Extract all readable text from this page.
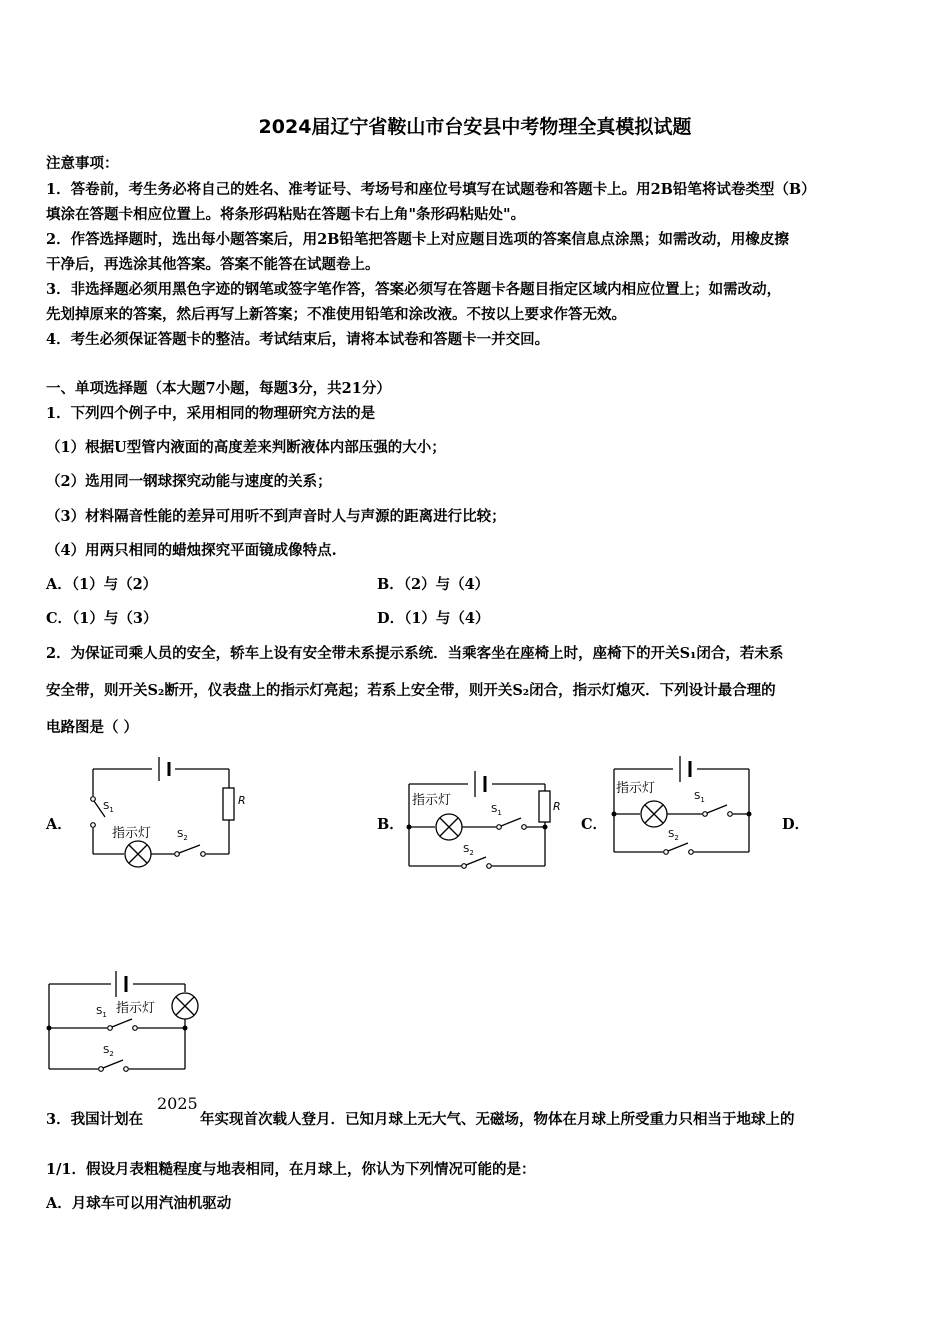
2024届辽宁省鞍山市台安县中考物理全真模拟试题
注意事项：
1．答卷前，考生务必将自己的姓名、准考证号、考场号和座位号填写在试题卷和答题卡上。用2B铅笔将试卷类型（B）
填涂在答题卡相应位置上。将条形码粘贴在答题卡右上角"条形码粘贴处"。
2．作答选择题时，选出每小题答案后，用2B铅笔把答题卡上对应题目选项的答案信息点涂黑；如需改动，用橡皮擦
干净后，再选涂其他答案。答案不能答在试题卷上。
3．非选择题必须用黑色字迹的钢笔或签字笔作答，答案必须写在答题卡各题目指定区域内相应位置上；如需改动，
先划掉原来的答案，然后再写上新答案；不准使用铅笔和涂改液。不按以上要求作答无效。
4．考生必须保证答题卡的整洁。考试结束后，请将本试卷和答题卡一并交回。
一、单项选择题（本大题7小题，每题3分，共21分）
1．下列四个例子中，采用相同的物理研究方法的是
（1）根据U型管内液面的高度差来判断液体内部压强的大小；
（2）选用同一钢球探究动能与速度的关系；
（3）材料隔音性能的差异可用听不到声音时人与声源的距离进行比较；
（4）用两只相同的蜡烛探究平面镜成像特点.
A．（1）与（2）	B．（2）与（4）
C．（1）与（3）	D．（1）与（4）
2．为保证司乘人员的安全，轿车上设有安全带未系提示系统．当乘客坐在座椅上时，座椅下的开关S₁闭合，若未系
安全带，则开关S₂断开，仪表盘上的指示灯亮起；若系上安全带，则开关S₂闭合，指示灯熄灭．下列设计最合理的
电路图是（ ）
A．	B．	C．	D．
$S_1$
R
指示灯	$S_2$
R
指示灯
$S_1$
$S_2$
指示灯
$S_1$
$S_2$
指示灯
$S_1$
$S_2$
3．我国计划在
2025
年实现首次载人登月．已知月球上无大气、无磁场，物体在月球上所受重力只相当于地球上的
1/1．假设月表粗糙程度与地表相同，在月球上，你认为下列情况可能的是：
A．月球车可以用汽油机驱动
